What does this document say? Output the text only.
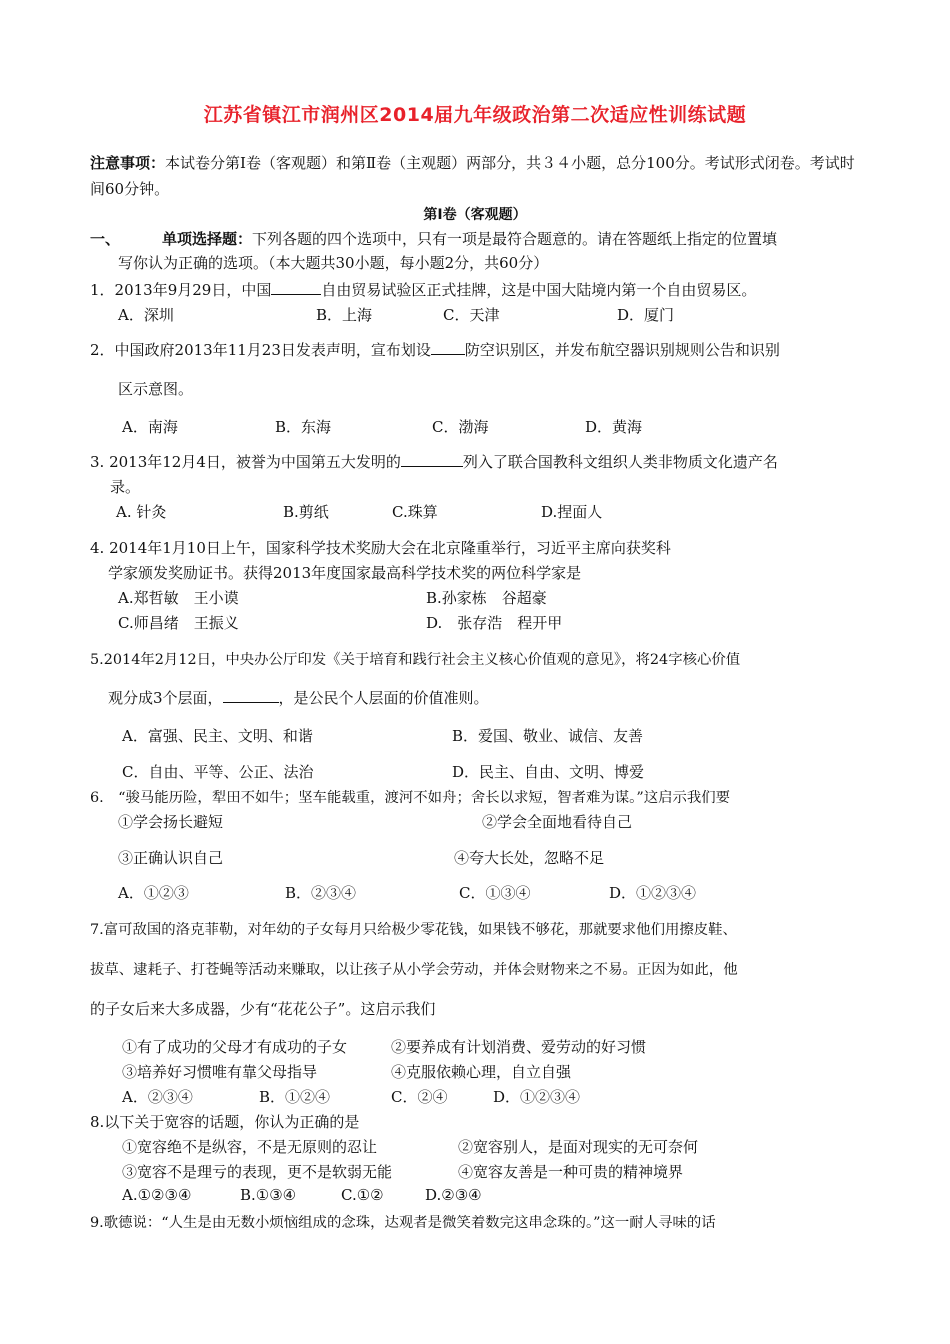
江苏省镇江市润州区2014届九年级政治第二次适应性训练试题
注意事项：本试卷分第Ⅰ卷（客观题）和第Ⅱ卷（主观题）两部分，共３４小题，总分100分。考试形式闭卷。考试时间60分钟。
第Ⅰ卷（客观题）
一、	单项选择题：下列各题的四个选项中，只有一项是最符合题意的。请在答题纸上指定的位置填
写你认为正确的选项。（本大题共30小题，每小题2分，共60分）
1．2013年9月29日，中国	自由贸易试验区正式挂牌，这是中国大陆境内第一个自由贸易区。
A．深圳	B．上海	C．天津	D．厦门
2．中国政府2013年11月23日发表声明，宣布划设 防空识别区，并发布航空器识别规则公告和识别
区示意图。
A．南海	B．东海	C．渤海	D．黄海
3. 2013年12月4日，被誉为中国第五大发明的	列入了联合国教科文组织人类非物质文化遗产名
录。
A. 针灸	B.剪纸	C.珠算	D.捏面人
4. 2014年1月10日上午，国家科学技术奖励大会在北京隆重举行，习近平主席向获奖科
学家颁发奖励证书。获得2013年度国家最高科学技术奖的两位科学家是
A.郑哲敏　王小谟	B.孙家栋　谷超豪
C.师昌绪　王振义	D.　张存浩　程开甲
5.2014年2月12日，中央办公厅印发《关于培育和践行社会主义核心价值观的意见》，将24字核心价值
观分成3个层面，	，是公民个人层面的价值准则。
A．富强、民主、文明、和谐	B．爱国、敬业、诚信、友善
C．自由、平等、公正、法治	D．民主、自由、文明、博爱
6.　“骏马能历险，犁田不如牛；坚车能载重，渡河不如舟；舍长以求短，智者难为谋。”这启示我们要
①学会扬长避短	②学会全面地看待自己
③正确认识自己	④夸大长处，忽略不足
A．①②③	B．②③④	C．①③④	D．①②③④
7.富可敌国的洛克菲勒，对年幼的子女每月只给极少零花钱，如果钱不够花，那就要求他们用擦皮鞋、
拔草、逮耗子、打苍蝇等活动来赚取，以让孩子从小学会劳动，并体会财物来之不易。正因为如此，他
的子女后来大多成器，少有“花花公子”。这启示我们
①有了成功的父母才有成功的子女	②要养成有计划消费、爱劳动的好习惯
③培养好习惯唯有靠父母指导	④克服依赖心理，自立自强
A．②③④	B．①②④	C．②④	D．①②③④
8.以下关于宽容的话题，你认为正确的是
①宽容绝不是纵容，不是无原则的忍让	②宽容别人，是面对现实的无可奈何
③宽容不是理亏的表现，更不是软弱无能	④宽容友善是一种可贵的精神境界
A.①②③④	B.①③④	C.①②	D.②③④
9.歌德说：“人生是由无数小烦恼组成的念珠，达观者是微笑着数完这串念珠的。”这一耐人寻味的话
